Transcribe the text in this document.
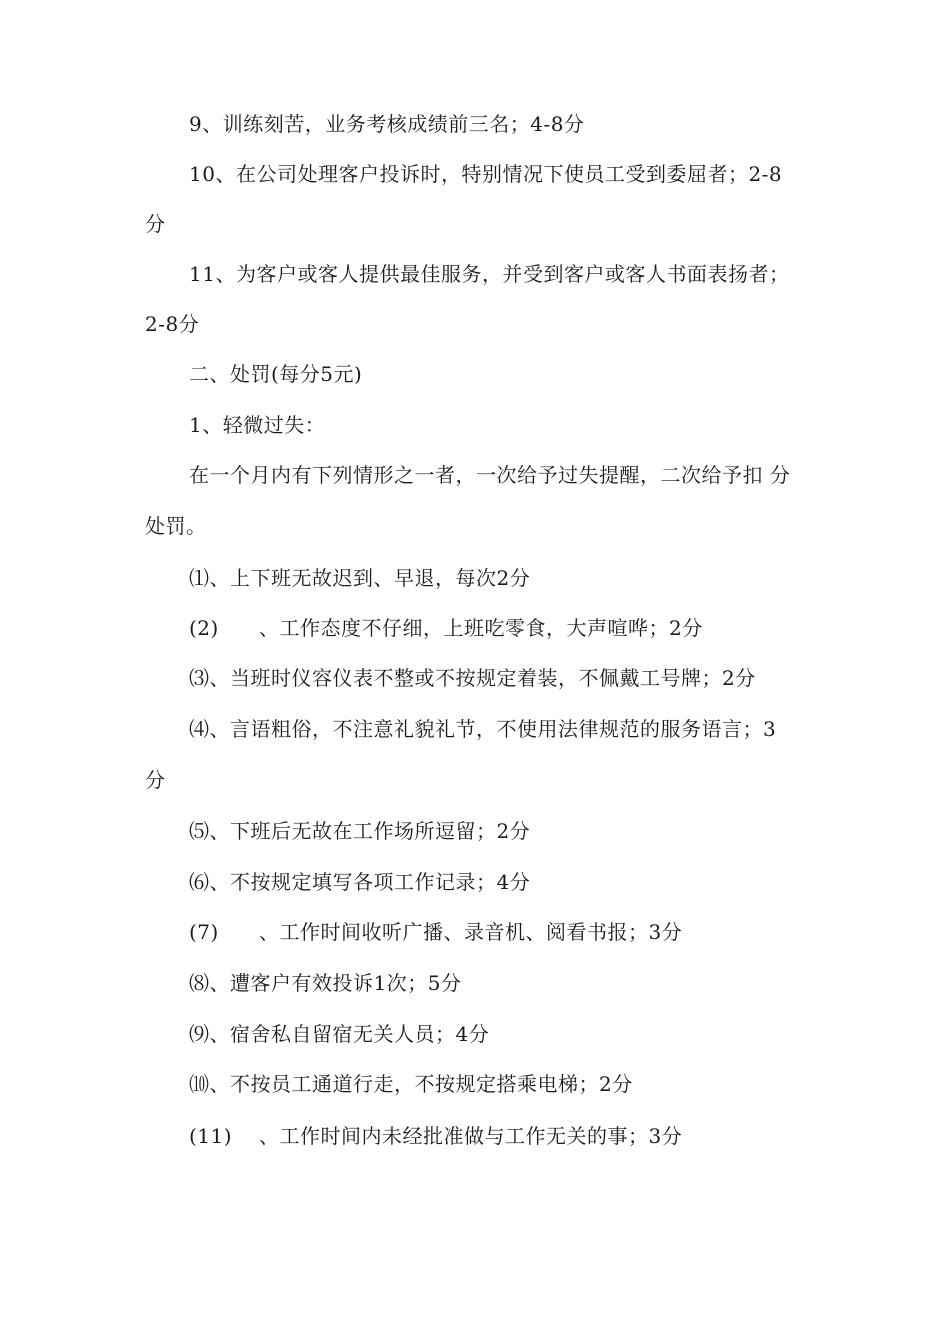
9、训练刻苦，业务考核成绩前三名；4-8分
10、在公司处理客户投诉时，特别情况下使员工受到委屈者；2-8
分
11、为客户或客人提供最佳服务，并受到客户或客人书面表扬者；
2-8分
二、处罚(每分5元)
1、轻微过失：
在一个月内有下列情形之一者，一次给予过失提醒，二次给予扣 分
处罚。
⑴、上下班无故迟到、早退，每次2分
(2) 、工作态度不仔细，上班吃零食，大声喧哗；2分
⑶、当班时仪容仪表不整或不按规定着装，不佩戴工号牌；2分
⑷、言语粗俗，不注意礼貌礼节，不使用法律规范的服务语言；3
分
⑸、下班后无故在工作场所逗留；2分
⑹、不按规定填写各项工作记录；4分
(7) 、工作时间收听广播、录音机、阅看书报；3分
⑻、遭客户有效投诉1次；5分
⑼、宿舍私自留宿无关人员；4分
⑽、不按员工通道行走，不按规定搭乘电梯；2分
(11) 、工作时间内未经批准做与工作无关的事；3分
